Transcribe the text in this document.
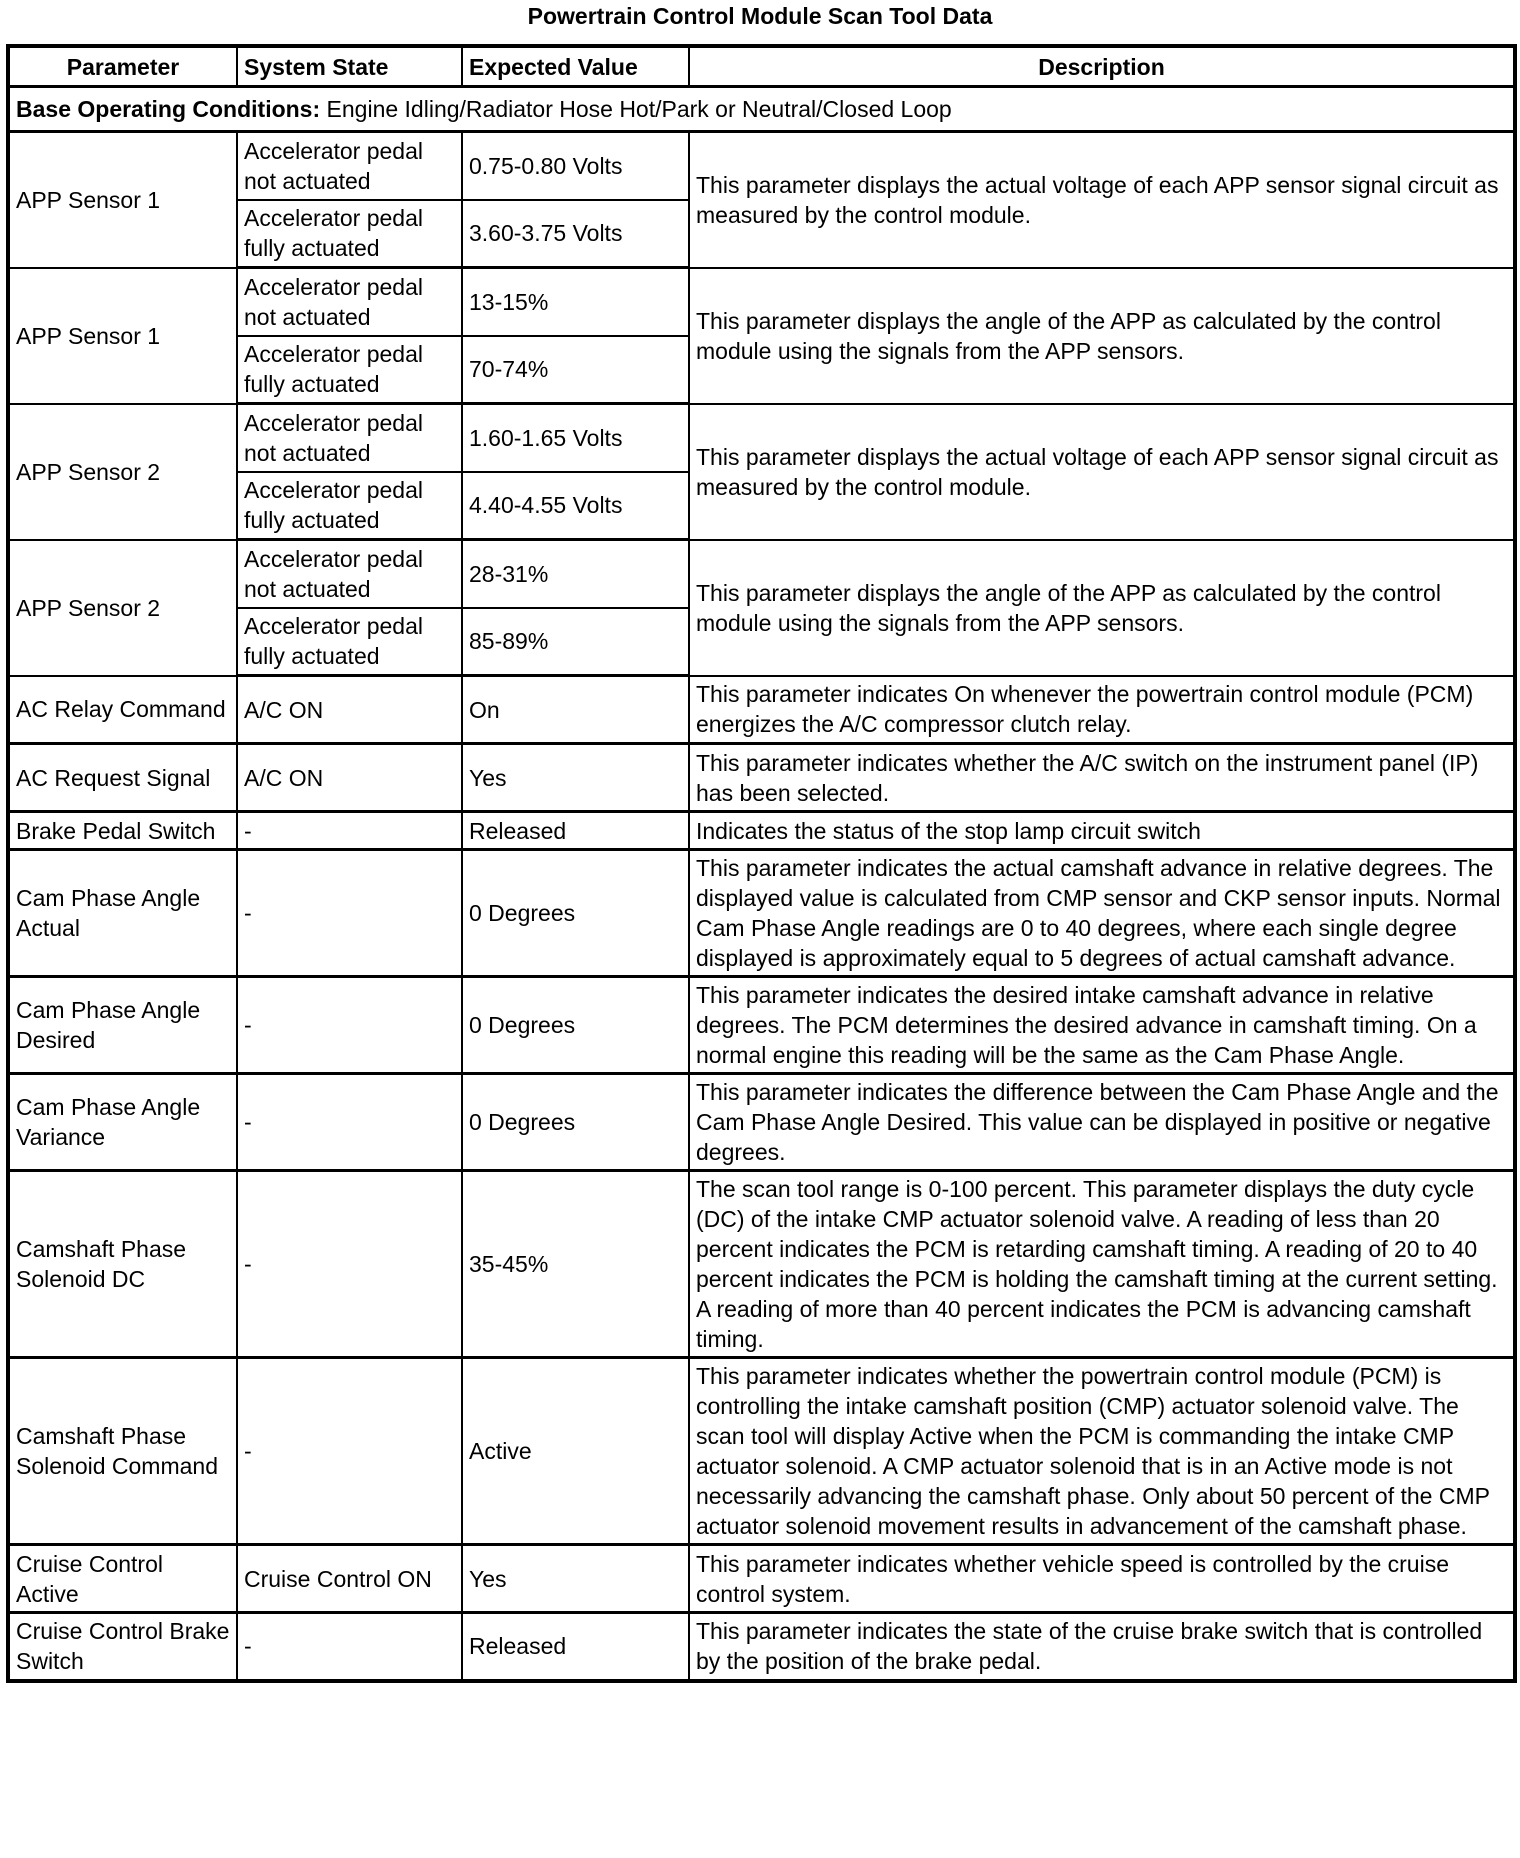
Powertrain Control Module Scan Tool Data
Parameter	System State	Expected Value	Description
Base Operating Conditions: Engine Idling/Radiator Hose Hot/Park or Neutral/Closed Loop			
APP Sensor 1	Accelerator pedal not actuated	0.75-0.80 Volts	This parameter displays the actual voltage of each APP sensor signal circuit as measured by the control module.
	Accelerator pedal fully actuated	3.60-3.75 Volts	
APP Sensor 1	Accelerator pedal not actuated	13-15%	This parameter displays the angle of the APP as calculated by the control module using the signals from the APP sensors.
	Accelerator pedal fully actuated	70-74%	
APP Sensor 2	Accelerator pedal not actuated	1.60-1.65 Volts	This parameter displays the actual voltage of each APP sensor signal circuit as measured by the control module.
	Accelerator pedal fully actuated	4.40-4.55 Volts	
APP Sensor 2	Accelerator pedal not actuated	28-31%	This parameter displays the angle of the APP as calculated by the control module using the signals from the APP sensors.
	Accelerator pedal fully actuated	85-89%	
AC Relay Command	A/C ON	On	This parameter indicates On whenever the powertrain control module (PCM) energizes the A/C compressor clutch relay.
AC Request Signal	A/C ON	Yes	This parameter indicates whether the A/C switch on the instrument panel (IP) has been selected.
Brake Pedal Switch	-	Released	Indicates the status of the stop lamp circuit switch
Cam Phase Angle Actual	-	0 Degrees	This parameter indicates the actual camshaft advance in relative degrees. The displayed value is calculated from CMP sensor and CKP sensor inputs. Normal Cam Phase Angle readings are 0 to 40 degrees, where each single degree displayed is approximately equal to 5 degrees of actual camshaft advance.
Cam Phase Angle Desired	-	0 Degrees	This parameter indicates the desired intake camshaft advance in relative degrees. The PCM determines the desired advance in camshaft timing. On a normal engine this reading will be the same as the Cam Phase Angle.
Cam Phase Angle Variance	-	0 Degrees	This parameter indicates the difference between the Cam Phase Angle and the Cam Phase Angle Desired. This value can be displayed in positive or negative degrees.
Camshaft Phase Solenoid DC	-	35-45%	The scan tool range is 0-100 percent. This parameter displays the duty cycle (DC) of the intake CMP actuator solenoid valve. A reading of less than 20 percent indicates the PCM is retarding camshaft timing. A reading of 20 to 40 percent indicates the PCM is holding the camshaft timing at the current setting. A reading of more than 40 percent indicates the PCM is advancing camshaft timing.
Camshaft Phase Solenoid Command	-	Active	This parameter indicates whether the powertrain control module (PCM) is controlling the intake camshaft position (CMP) actuator solenoid valve. The scan tool will display Active when the PCM is commanding the intake CMP actuator solenoid. A CMP actuator solenoid that is in an Active mode is not necessarily advancing the camshaft phase. Only about 50 percent of the CMP actuator solenoid movement results in advancement of the camshaft phase.
Cruise Control Active	Cruise Control ON	Yes	This parameter indicates whether vehicle speed is controlled by the cruise control system.
Cruise Control Brake Switch	-	Released	This parameter indicates the state of the cruise brake switch that is controlled by the position of the brake pedal.
